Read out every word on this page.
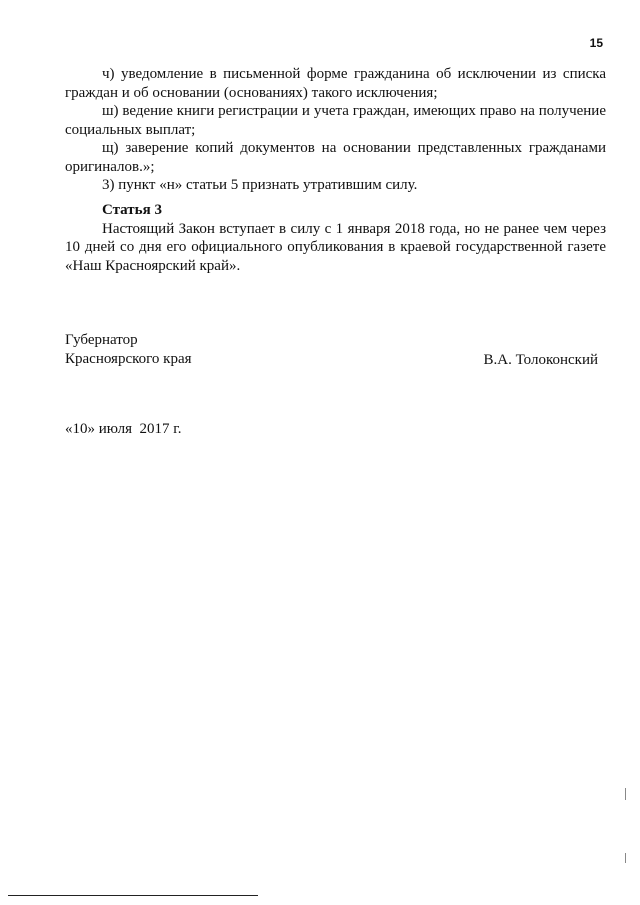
15

ч) уведомление в письменной форме гражданина об исключении из списка граждан и об основании (основаниях) такого исключения;

ш) ведение книги регистрации и учета граждан, имеющих право на получение социальных выплат;

щ) заверение копий документов на основании представленных гражданами оригиналов.»;

3) пункт «н» статьи 5 признать утратившим силу.

Статья 3

Настоящий Закон вступает в силу с 1 января 2018 года, но не ранее чем через 10 дней со дня его официального опубликования в краевой государственной газете «Наш Красноярский край».

Губернатор
Красноярского края	В.А. Толоконский
«10» июля  2017 г.
